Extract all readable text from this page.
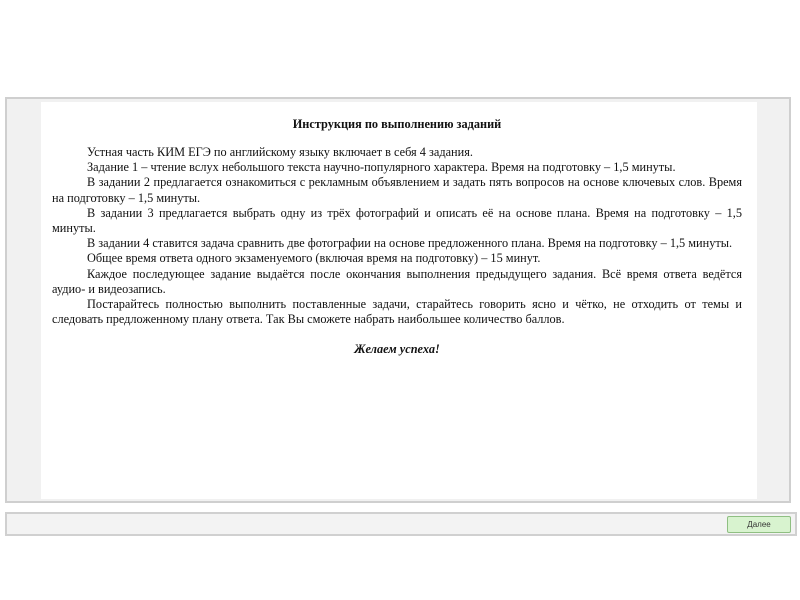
Инструкция по выполнению заданий

Устная часть КИМ ЕГЭ по английскому языку включает в себя 4 задания.

Задание 1 – чтение вслух небольшого текста научно-популярного характера. Время на подготовку – 1,5 минуты.

В задании 2 предлагается ознакомиться с рекламным объявлением и задать пять вопросов на основе ключевых слов. Время на подготовку – 1,5 минуты.

В задании 3 предлагается выбрать одну из трёх фотографий и описать её на основе плана. Время на подготовку – 1,5 минуты.

В задании 4 ставится задача сравнить две фотографии на основе предложенного плана. Время на подготовку – 1,5 минуты.

Общее время ответа одного экзаменуемого (включая время на подготовку) – 15 минут.

Каждое последующее задание выдаётся после окончания выполнения предыдущего задания. Всё время ответа ведётся аудио- и видеозапись.

Постарайтесь полностью выполнить поставленные задачи, старайтесь говорить ясно и чётко, не отходить от темы и следовать предложенному плану ответа. Так Вы сможете набрать наибольшее количество баллов.

Желаем успеха!
Далее
